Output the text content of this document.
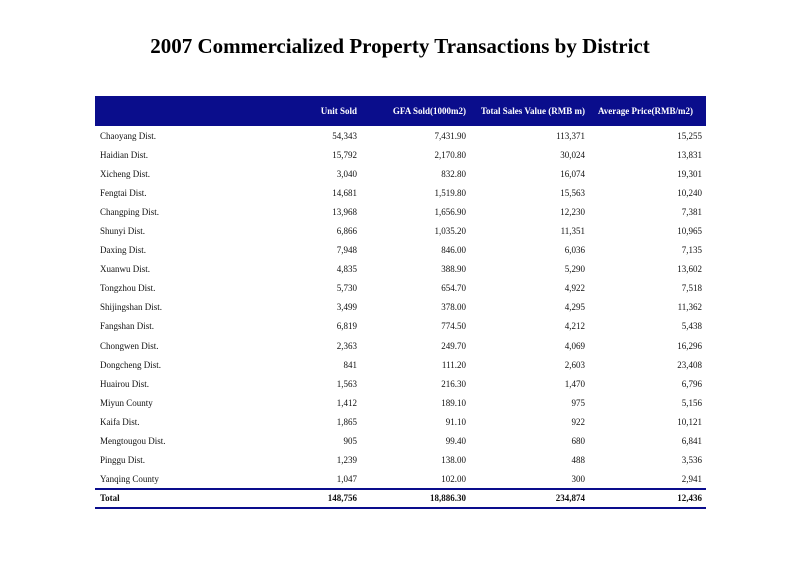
2007 Commercialized Property Transactions by District
	Unit Sold	GFA Sold(1000m2)	Total Sales Value (RMB m)	Average Price(RMB/m2)
Chaoyang Dist.	54,343	7,431.90	113,371	15,255
Haidian Dist.	15,792	2,170.80	30,024	13,831
Xicheng Dist.	3,040	832.80	16,074	19,301
Fengtai Dist.	14,681	1,519.80	15,563	10,240
Changping Dist.	13,968	1,656.90	12,230	7,381
Shunyi Dist.	6,866	1,035.20	11,351	10,965
Daxing Dist.	7,948	846.00	6,036	7,135
Xuanwu Dist.	4,835	388.90	5,290	13,602
Tongzhou Dist.	5,730	654.70	4,922	7,518
Shijingshan Dist.	3,499	378.00	4,295	11,362
Fangshan Dist.	6,819	774.50	4,212	5,438
Chongwen Dist.	2,363	249.70	4,069	16,296
Dongcheng Dist.	841	111.20	2,603	23,408
Huairou Dist.	1,563	216.30	1,470	6,796
Miyun County	1,412	189.10	975	5,156
Kaifa Dist.	1,865	91.10	922	10,121
Mengtougou Dist.	905	99.40	680	6,841
Pinggu Dist.	1,239	138.00	488	3,536
Yanqing County	1,047	102.00	300	2,941
Total	148,756	18,886.30	234,874	12,436
